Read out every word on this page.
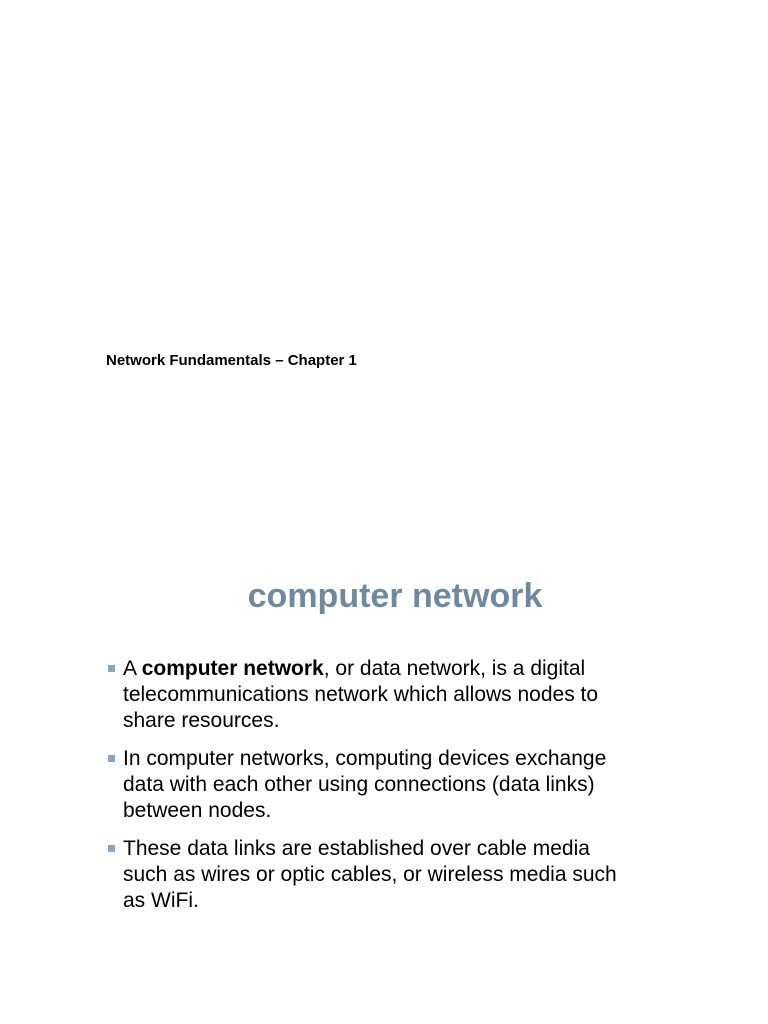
Network Fundamentals – Chapter 1
computer network
A computer network, or data network, is a digital
telecommunications network which allows nodes to
share resources.
In computer networks, computing devices exchange
data with each other using connections (data links)
between nodes.
These data links are established over cable media
such as wires or optic cables, or wireless media such
as WiFi.
